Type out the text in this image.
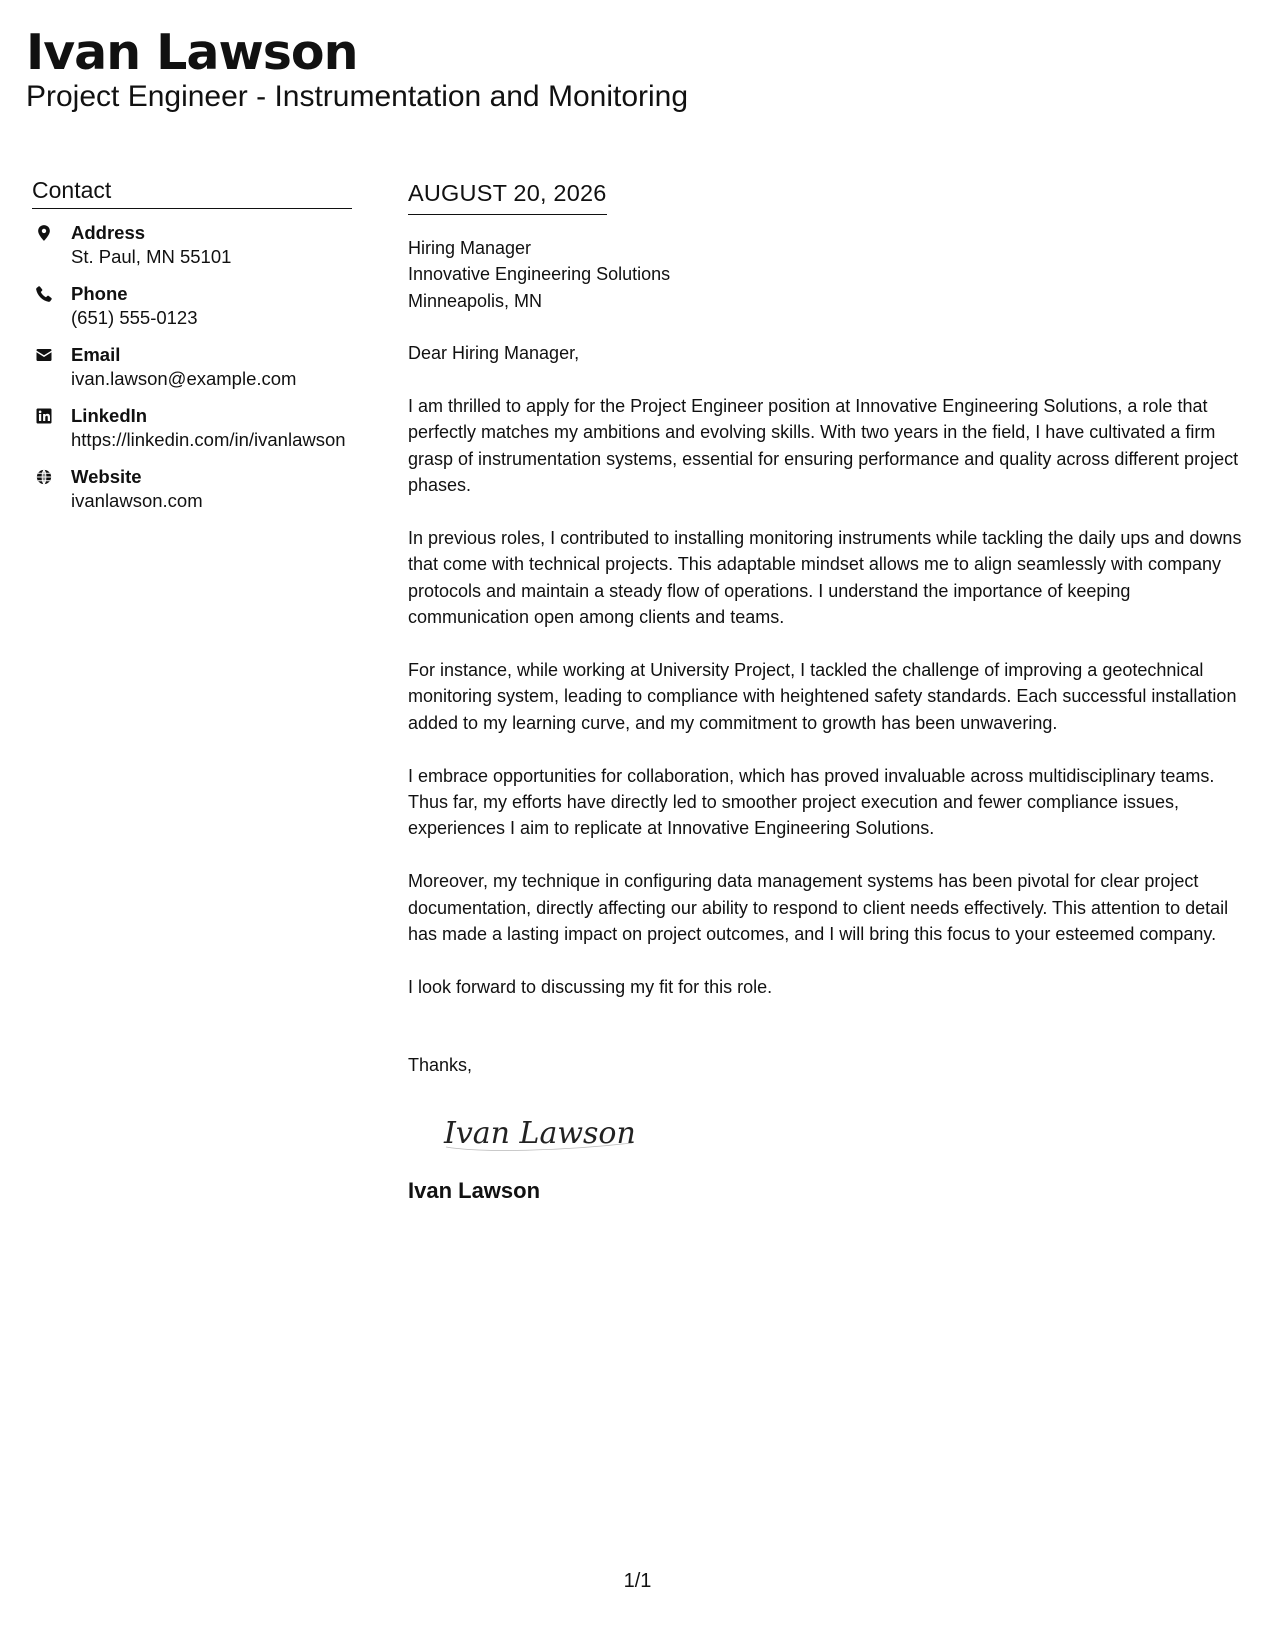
Ivan Lawson
Project Engineer - Instrumentation and Monitoring
Contact
Address
St. Paul, MN 55101
Phone
(651) 555-0123
Email
ivan.lawson@example.com
LinkedIn
https://linkedin.com/in/ivanlawson
Website
ivanlawson.com
AUGUST 20, 2026
Hiring Manager
Innovative Engineering Solutions
Minneapolis, MN
Dear Hiring Manager,
I am thrilled to apply for the Project Engineer position at Innovative Engineering Solutions, a role that perfectly matches my ambitions and evolving skills. With two years in the field, I have cultivated a firm grasp of instrumentation systems, essential for ensuring performance and quality across different project phases.
In previous roles, I contributed to installing monitoring instruments while tackling the daily ups and downs that come with technical projects. This adaptable mindset allows me to align seamlessly with company protocols and maintain a steady flow of operations. I understand the importance of keeping communication open among clients and teams.
For instance, while working at University Project, I tackled the challenge of improving a geotechnical monitoring system, leading to compliance with heightened safety standards. Each successful installation added to my learning curve, and my commitment to growth has been unwavering.
I embrace opportunities for collaboration, which has proved invaluable across multidisciplinary teams. Thus far, my efforts have directly led to smoother project execution and fewer compliance issues, experiences I aim to replicate at Innovative Engineering Solutions.
Moreover, my technique in configuring data management systems has been pivotal for clear project documentation, directly affecting our ability to respond to client needs effectively. This attention to detail has made a lasting impact on project outcomes, and I will bring this focus to your esteemed company.
I look forward to discussing my fit for this role.
Thanks,
Ivan Lawson
Ivan Lawson
1/1
